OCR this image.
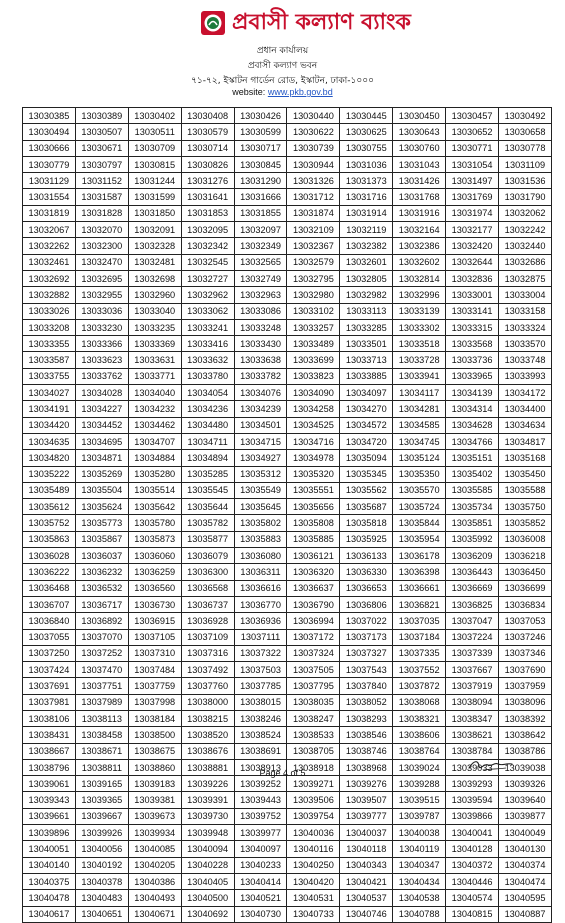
প্রবাসী কল্যাণ ব্যাংক
প্রধান কার্যালয়
প্রবাসী কল্যাণ ভবন
৭১-৭২, ইস্কাটন গার্ডেন রোড, ইস্কাটন, ঢাকা-১০০০
website: www.pkb.gov.bd
13030385	13030389	13030402	13030408	13030426	13030440	13030445	13030450	13030457	13030492
13030494	13030507	13030511	13030579	13030599	13030622	13030625	13030643	13030652	13030658
13030666	13030671	13030709	13030714	13030717	13030739	13030755	13030760	13030771	13030778
13030779	13030797	13030815	13030826	13030845	13030944	13031036	13031043	13031054	13031109
13031129	13031152	13031244	13031276	13031290	13031326	13031373	13031426	13031497	13031536
13031554	13031587	13031599	13031641	13031666	13031712	13031716	13031768	13031769	13031790
13031819	13031828	13031850	13031853	13031855	13031874	13031914	13031916	13031974	13032062
13032067	13032070	13032091	13032095	13032097	13032109	13032119	13032164	13032177	13032242
13032262	13032300	13032328	13032342	13032349	13032367	13032382	13032386	13032420	13032440
13032461	13032470	13032481	13032545	13032565	13032579	13032601	13032602	13032644	13032686
13032692	13032695	13032698	13032727	13032749	13032795	13032805	13032814	13032836	13032875
13032882	13032955	13032960	13032962	13032963	13032980	13032982	13032996	13033001	13033004
13033026	13033036	13033040	13033062	13033086	13033102	13033113	13033139	13033141	13033158
13033208	13033230	13033235	13033241	13033248	13033257	13033285	13033302	13033315	13033324
13033355	13033366	13033369	13033416	13033430	13033489	13033501	13033518	13033568	13033570
13033587	13033623	13033631	13033632	13033638	13033699	13033713	13033728	13033736	13033748
13033755	13033762	13033771	13033780	13033782	13033823	13033885	13033941	13033965	13033993
13034027	13034028	13034040	13034054	13034076	13034090	13034097	13034117	13034139	13034172
13034191	13034227	13034232	13034236	13034239	13034258	13034270	13034281	13034314	13034400
13034420	13034452	13034462	13034480	13034501	13034525	13034572	13034585	13034628	13034634
13034635	13034695	13034707	13034711	13034715	13034716	13034720	13034745	13034766	13034817
13034820	13034871	13034884	13034894	13034927	13034978	13035094	13035124	13035151	13035168
13035222	13035269	13035280	13035285	13035312	13035320	13035345	13035350	13035402	13035450
13035489	13035504	13035514	13035545	13035549	13035551	13035562	13035570	13035585	13035588
13035612	13035624	13035642	13035644	13035645	13035656	13035687	13035724	13035734	13035750
13035752	13035773	13035780	13035782	13035802	13035808	13035818	13035844	13035851	13035852
13035863	13035867	13035873	13035877	13035883	13035885	13035925	13035954	13035992	13036008
13036028	13036037	13036060	13036079	13036080	13036121	13036133	13036178	13036209	13036218
13036222	13036232	13036259	13036300	13036311	13036320	13036330	13036398	13036443	13036450
13036468	13036532	13036560	13036568	13036616	13036637	13036653	13036661	13036669	13036699
13036707	13036717	13036730	13036737	13036770	13036790	13036806	13036821	13036825	13036834
13036840	13036892	13036915	13036928	13036936	13036994	13037022	13037035	13037047	13037053
13037055	13037070	13037105	13037109	13037111	13037172	13037173	13037184	13037224	13037246
13037250	13037252	13037310	13037316	13037322	13037324	13037327	13037335	13037339	13037346
13037424	13037470	13037484	13037492	13037503	13037505	13037543	13037552	13037667	13037690
13037691	13037751	13037759	13037760	13037785	13037795	13037840	13037872	13037919	13037959
13037981	13037989	13037998	13038000	13038015	13038035	13038052	13038068	13038094	13038096
13038106	13038113	13038184	13038215	13038246	13038247	13038293	13038321	13038347	13038392
13038431	13038458	13038500	13038520	13038524	13038533	13038546	13038606	13038621	13038642
13038667	13038671	13038675	13038676	13038691	13038705	13038746	13038764	13038784	13038786
13038796	13038811	13038860	13038881	13038913	13038918	13038968	13039024	13039033	13039038
13039061	13039165	13039183	13039226	13039252	13039271	13039276	13039288	13039293	13039326
13039343	13039365	13039381	13039391	13039443	13039506	13039507	13039515	13039594	13039640
13039661	13039667	13039673	13039730	13039752	13039754	13039777	13039787	13039866	13039877
13039896	13039926	13039934	13039948	13039977	13040036	13040037	13040038	13040041	13040049
13040051	13040056	13040085	13040094	13040097	13040116	13040118	13040119	13040128	13040130
13040140	13040192	13040205	13040228	13040233	13040250	13040343	13040347	13040372	13040374
13040375	13040378	13040386	13040405	13040414	13040420	13040421	13040434	13040446	13040474
13040478	13040483	13040493	13040500	13040521	13040531	13040537	13040538	13040574	13040595
13040617	13040651	13040671	13040692	13040730	13040733	13040746	13040788	13040815	13040887
Page 4 of 5
